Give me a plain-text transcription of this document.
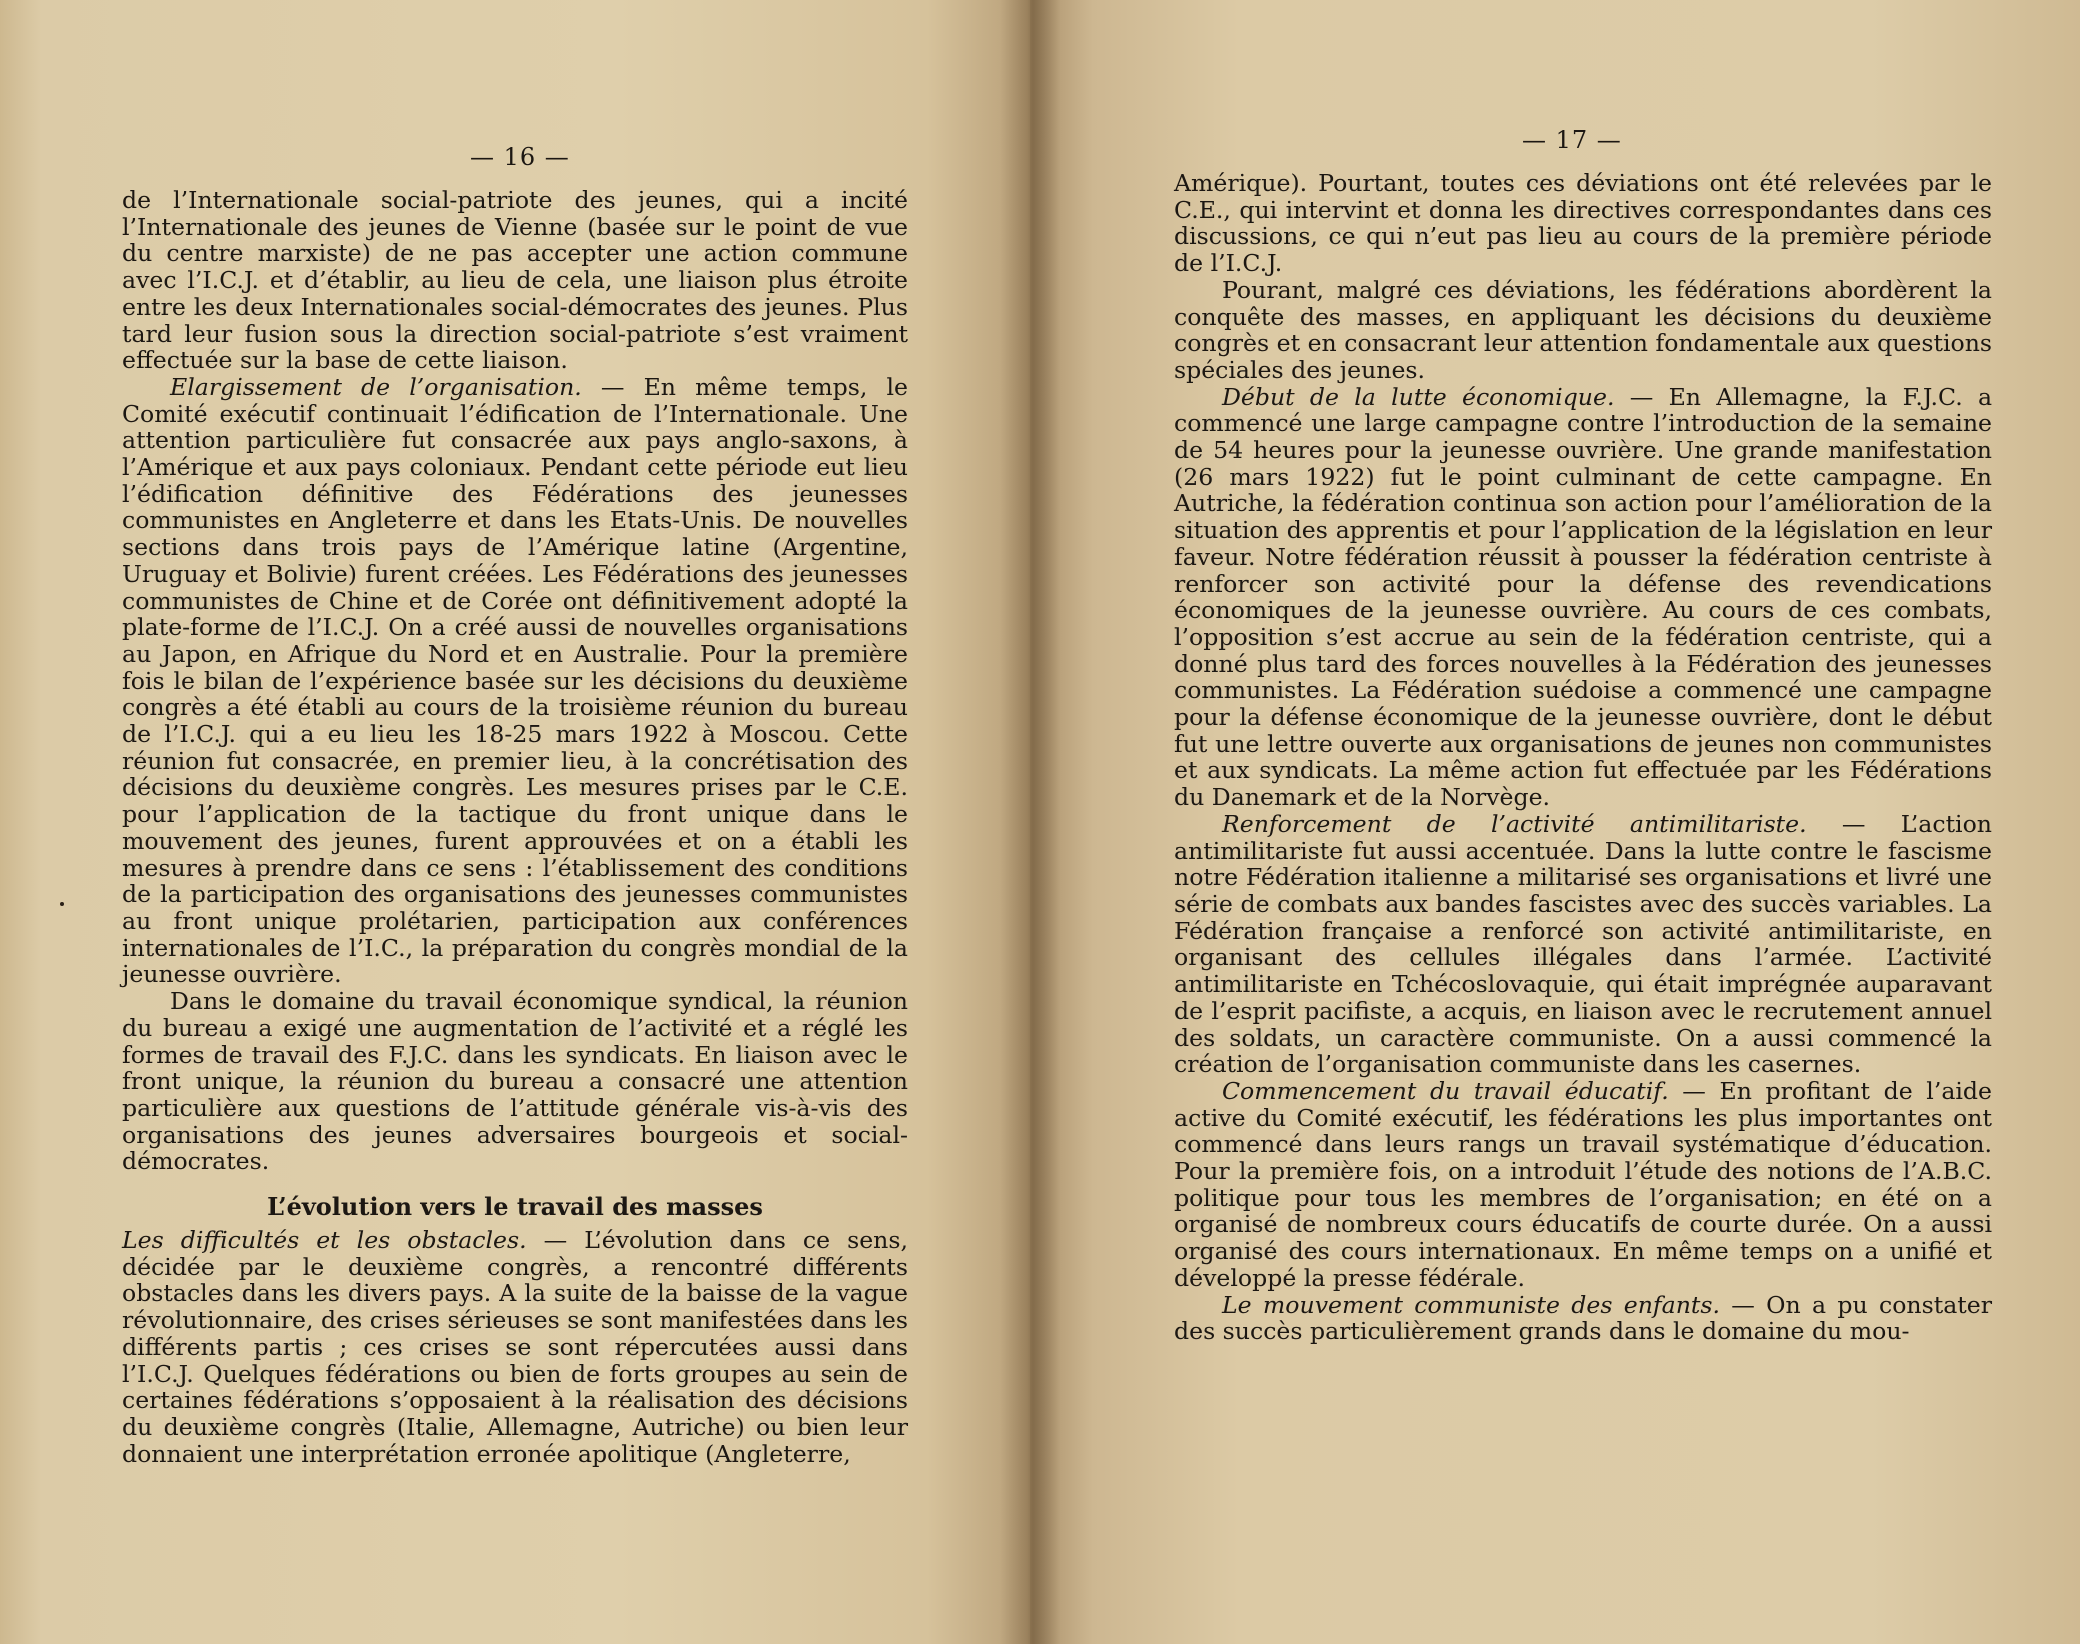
— 16 —

de l’Internationale social-patriote des jeunes, qui a incité l’Internationale des jeunes de Vienne (basée sur le point de vue du centre marxiste) de ne pas accepter une action commune avec l’I.C.J. et d’établir, au lieu de cela, une liaison plus étroite entre les deux Internationales social-démocrates des jeunes. Plus tard leur fusion sous la direction social-patriote s’est vraiment effectuée sur la base de cette liaison.

Elargissement de l’organisation. — En même temps, le Comité exécutif continuait l’édification de l’Internationale. Une attention particulière fut consacrée aux pays anglo-saxons, à l’Amérique et aux pays coloniaux. Pendant cette période eut lieu l’édification définitive des Fédérations des jeunesses communistes en Angleterre et dans les Etats-Unis. De nouvelles sections dans trois pays de l’Amérique latine (Argentine, Uruguay et Bolivie) furent créées. Les Fédérations des jeunesses communistes de Chine et de Corée ont définitivement adopté la plate-forme de l’I.C.J. On a créé aussi de nouvelles organisations au Japon, en Afrique du Nord et en Australie. Pour la première fois le bilan de l’expérience basée sur les décisions du deuxième congrès a été établi au cours de la troisième réunion du bureau de l’I.C.J. qui a eu lieu les 18-25 mars 1922 à Moscou. Cette réunion fut consacrée, en premier lieu, à la concrétisation des décisions du deuxième congrès. Les mesures prises par le C.E. pour l’application de la tactique du front unique dans le mouvement des jeunes, furent approuvées et on a établi les mesures à prendre dans ce sens : l’établissement des conditions de la participation des organisations des jeunesses communistes au front unique prolétarien, participation aux conférences internationales de l’I.C., la préparation du congrès mondial de la jeunesse ouvrière.

Dans le domaine du travail économique syndical, la réunion du bureau a exigé une augmentation de l’activité et a réglé les formes de travail des F.J.C. dans les syndicats. En liaison avec le front unique, la réunion du bureau a consacré une attention particulière aux questions de l’attitude générale vis-à-vis des organisations des jeunes adversaires bourgeois et social-démocrates.

L’évolution vers le travail des masses

Les difficultés et les obstacles. — L’évolution dans ce sens, décidée par le deuxième congrès, a rencontré différents obstacles dans les divers pays. A la suite de la baisse de la vague révolutionnaire, des crises sérieuses se sont manifestées dans les différents partis ; ces crises se sont répercutées aussi dans l’I.C.J. Quelques fédérations ou bien de forts groupes au sein de certaines fédérations s’opposaient à la réalisation des décisions du deuxième congrès (Italie, Allemagne, Autriche) ou bien leur donnaient une interprétation erronée apolitique (Angleterre,

— 17 —

Amérique). Pourtant, toutes ces déviations ont été relevées par le C.E., qui intervint et donna les directives correspondantes dans ces discussions, ce qui n’eut pas lieu au cours de la première période de l’I.C.J.

Pourant, malgré ces déviations, les fédérations abordèrent la conquête des masses, en appliquant les décisions du deuxième congrès et en consacrant leur attention fondamentale aux questions spéciales des jeunes.

Début de la lutte économique. — En Allemagne, la F.J.C. a commencé une large campagne contre l’introduction de la semaine de 54 heures pour la jeunesse ouvrière. Une grande manifestation (26 mars 1922) fut le point culminant de cette campagne. En Autriche, la fédération continua son action pour l’amélioration de la situation des apprentis et pour l’application de la législation en leur faveur. Notre fédération réussit à pousser la fédération centriste à renforcer son activité pour la défense des revendications économiques de la jeunesse ouvrière. Au cours de ces combats, l’opposition s’est accrue au sein de la fédération centriste, qui a donné plus tard des forces nouvelles à la Fédération des jeunesses communistes. La Fédération suédoise a commencé une campagne pour la défense économique de la jeunesse ouvrière, dont le début fut une lettre ouverte aux organisations de jeunes non communistes et aux syndicats. La même action fut effectuée par les Fédérations du Danemark et de la Norvège.

Renforcement de l’activité antimilitariste. — L’action antimilitariste fut aussi accentuée. Dans la lutte contre le fascisme notre Fédération italienne a militarisé ses organisations et livré une série de combats aux bandes fascistes avec des succès variables. La Fédération française a renforcé son activité antimilitariste, en organisant des cellules illégales dans l’armée. L’activité antimilitariste en Tchécoslovaquie, qui était imprégnée auparavant de l’esprit pacifiste, a acquis, en liaison avec le recrutement annuel des soldats, un caractère communiste. On a aussi commencé la création de l’organisation communiste dans les casernes.

Commencement du travail éducatif. — En profitant de l’aide active du Comité exécutif, les fédérations les plus importantes ont commencé dans leurs rangs un travail systématique d’éducation. Pour la première fois, on a introduit l’étude des notions de l’A.B.C. politique pour tous les membres de l’organisation; en été on a organisé de nombreux cours éducatifs de courte durée. On a aussi organisé des cours internationaux. En même temps on a unifié et développé la presse fédérale.

Le mouvement communiste des enfants. — On a pu constater des succès particulièrement grands dans le domaine du mou-
